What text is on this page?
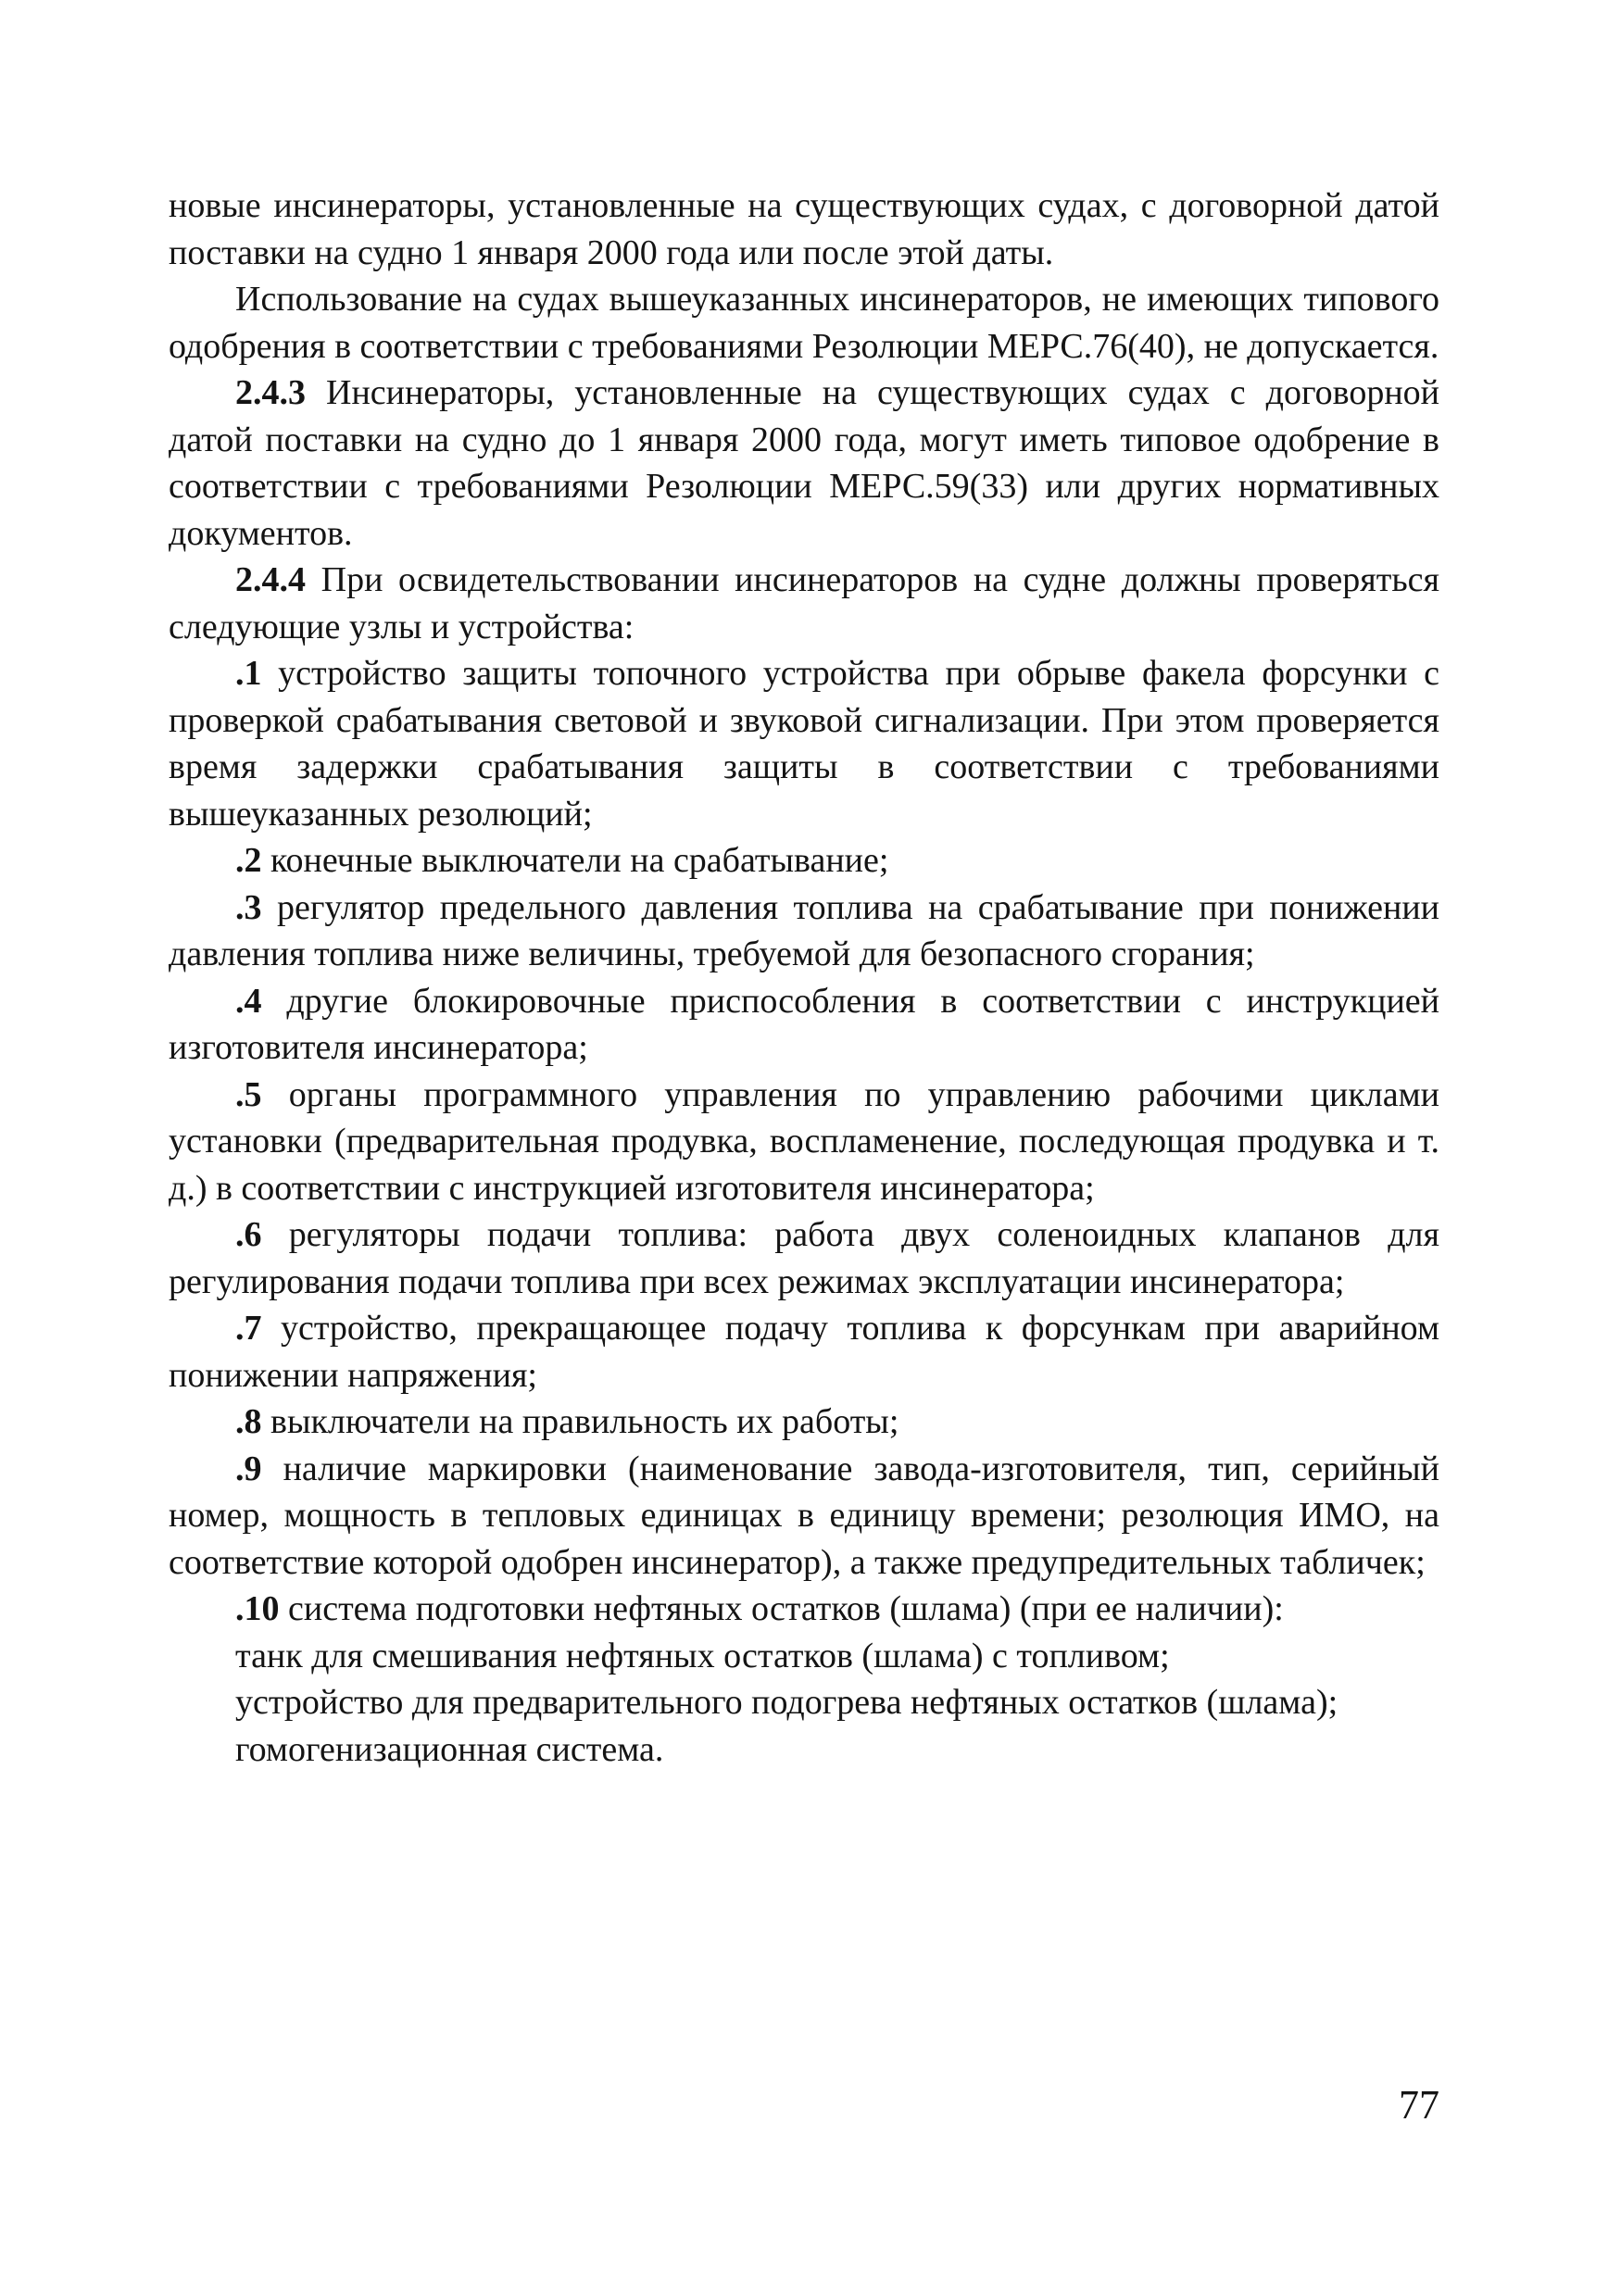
новые инсинераторы, установленные на существующих судах, с договорной датой поставки на судно 1 января 2000 года или после этой даты.

Использование на судах вышеуказанных инсинераторов, не имеющих типового одобрения в соответствии с требованиями Резолюции МЕРС.76(40), не допускается.

2.4.3 Инсинераторы, установленные на существующих судах с договорной датой поставки на судно до 1 января 2000 года, могут иметь типовое одобрение в соответствии с требованиями Резолюции МЕРС.59(33) или других нормативных документов.

2.4.4 При освидетельствовании инсинераторов на судне должны проверяться следующие узлы и устройства:

.1 устройство защиты топочного устройства при обрыве факела форсунки с проверкой срабатывания световой и звуковой сигнализации. При этом проверяется время задержки срабатывания защиты в соответствии с требованиями вышеуказанных резолюций;

.2 конечные выключатели на срабатывание;

.3 регулятор предельного давления топлива на срабатывание при понижении давления топлива ниже величины, требуемой для безопасного сгорания;

.4 другие блокировочные приспособления в соответствии с инструкцией изготовителя инсинератора;

.5 органы программного управления по управлению рабочими циклами установки (предварительная продувка, воспламенение, последующая продувка и т. д.) в соответствии с инструкцией изготовителя инсинератора;

.6 регуляторы подачи топлива: работа двух соленоидных клапанов для регулирования подачи топлива при всех режимах эксплуатации инсинератора;

.7 устройство, прекращающее подачу топлива к форсункам при аварийном понижении напряжения;

.8 выключатели на правильность их работы;

.9 наличие маркировки (наименование завода-изготовителя, тип, серийный номер, мощность в тепловых единицах в единицу времени; резолюция ИМО, на соответствие которой одобрен инсинератор), а также предупредительных табличек;

.10 система подготовки нефтяных остатков (шлама) (при ее наличии):

танк для смешивания нефтяных остатков (шлама) с топливом;

устройство для предварительного подогрева нефтяных остатков (шлама);

гомогенизационная система.

77
